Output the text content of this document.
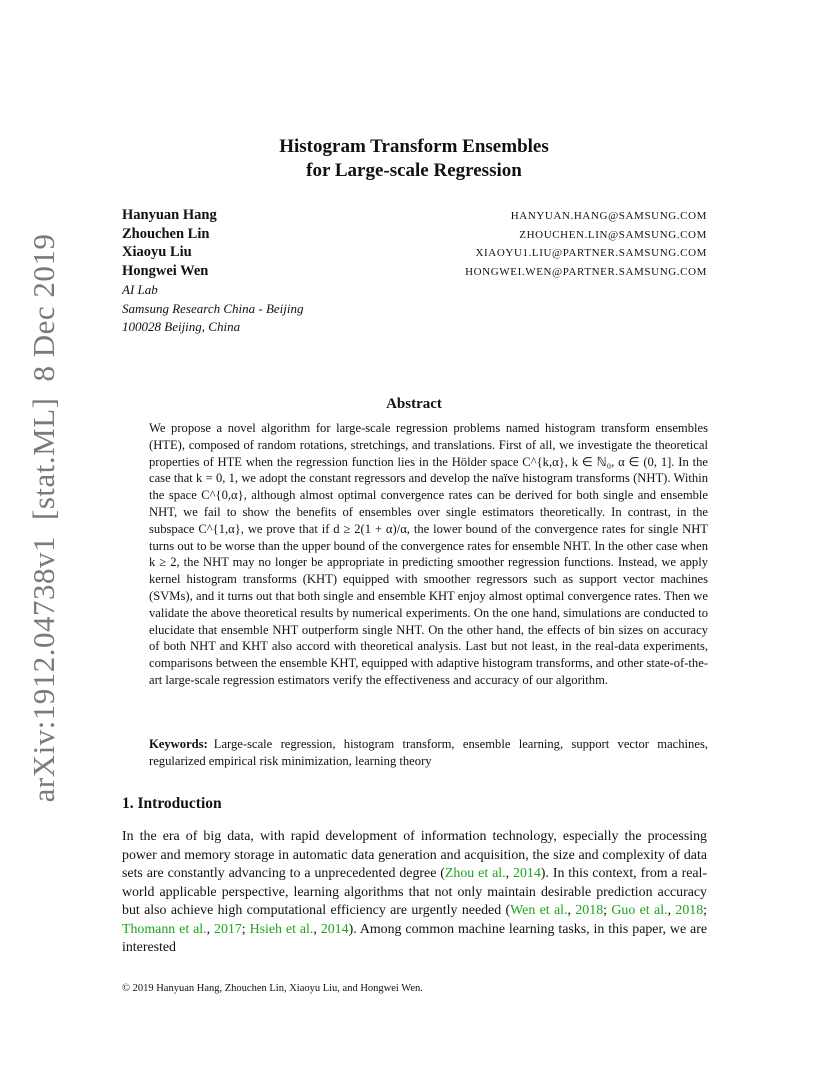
arXiv:1912.04738v1[stat.ML]8 Dec 2019
Histogram Transform Ensembles
for Large-scale Regression
Hanyuan Hang	HANYUAN.HANG@SAMSUNG.COM
Zhouchen Lin	ZHOUCHEN.LIN@SAMSUNG.COM
Xiaoyu Liu	XIAOYU1.LIU@PARTNER.SAMSUNG.COM
Hongwei Wen	HONGWEI.WEN@PARTNER.SAMSUNG.COM
AI Lab
Samsung Research China - Beijing
100028 Beijing, China
Abstract
We propose a novel algorithm for large-scale regression problems named histogram transform ensembles (HTE), composed of random rotations, stretchings, and translations. First of all, we investigate the theoretical properties of HTE when the regression function lies in the Hölder space C^{k,α}, k ∈ ℕ₀, α ∈ (0, 1]. In the case that k = 0, 1, we adopt the constant regressors and develop the naïve histogram transforms (NHT). Within the space C^{0,α}, although almost optimal convergence rates can be derived for both single and ensemble NHT, we fail to show the benefits of ensembles over single estimators theoretically. In contrast, in the subspace C^{1,α}, we prove that if d ≥ 2(1 + α)/α, the lower bound of the convergence rates for single NHT turns out to be worse than the upper bound of the convergence rates for ensemble NHT. In the other case when k ≥ 2, the NHT may no longer be appropriate in predicting smoother regression functions. Instead, we apply kernel histogram transforms (KHT) equipped with smoother regressors such as support vector machines (SVMs), and it turns out that both single and ensemble KHT enjoy almost optimal convergence rates. Then we validate the above theoretical results by numerical experiments. On the one hand, simulations are conducted to elucidate that ensemble NHT outperform single NHT. On the other hand, the effects of bin sizes on accuracy of both NHT and KHT also accord with theoretical analysis. Last but not least, in the real-data experiments, comparisons between the ensemble KHT, equipped with adaptive histogram transforms, and other state-of-the-art large-scale regression estimators verify the effectiveness and accuracy of our algorithm.
Keywords: Large-scale regression, histogram transform, ensemble learning, support vector machines, regularized empirical risk minimization, learning theory
1. Introduction
In the era of big data, with rapid development of information technology, especially the processing power and memory storage in automatic data generation and acquisition, the size and complexity of data sets are constantly advancing to a unprecedented degree (Zhou et al., 2014). In this context, from a real-world applicable perspective, learning algorithms that not only maintain desirable prediction accuracy but also achieve high computational efficiency are urgently needed (Wen et al., 2018; Guo et al., 2018; Thomann et al., 2017; Hsieh et al., 2014). Among common machine learning tasks, in this paper, we are interested
© 2019 Hanyuan Hang, Zhouchen Lin, Xiaoyu Liu, and Hongwei Wen.
